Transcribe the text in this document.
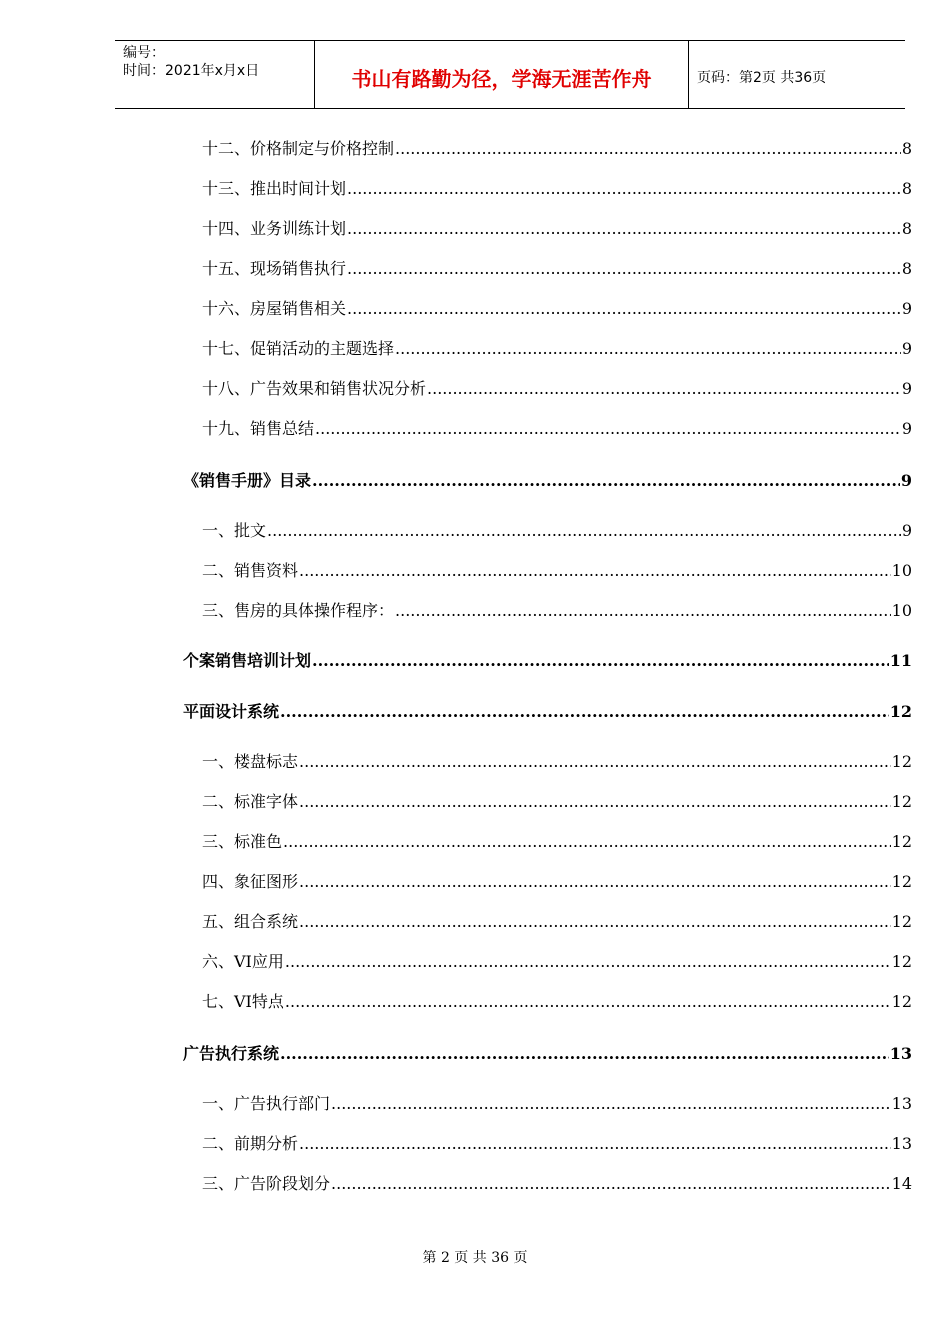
编号：
时间：2021年x月x日	书山有路勤为径，学海无涯苦作舟	页码：第2页 共36页
十二、价格制定与价格控制 .....	8
十三、推出时间计划 .....	8
十四、业务训练计划 .....	8
十五、现场销售执行 .....	8
十六、房屋销售相关 .....	9
十七、促销活动的主题选择 .....	9
十八、广告效果和销售状况分析 .....	9
十九、销售总结 .....	9
《销售手册》目录 .....	9
一、批文 .....	9
二、销售资料 .....	10
三、售房的具体操作程序： .....	10
个案销售培训计划 .....	11
平面设计系统 .....	12
一、楼盘标志 .....	12
二、标准字体 .....	12
三、标准色 .....	12
四、象征图形 .....	12
五、组合系统 .....	12
六、VI应用 .....	12
七、VI特点 .....	12
广告执行系统 .....	13
一、广告执行部门 .....	13
二、前期分析 .....	13
三、广告阶段划分 .....	14
第 2 页 共 36 页
